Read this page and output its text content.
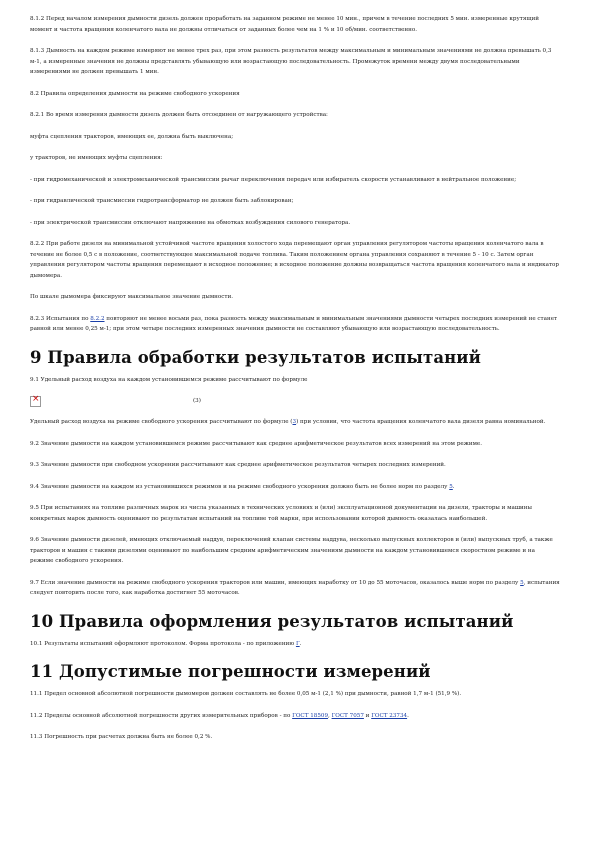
8.1.2 Перед началом измерения дымности дизель должен проработать на заданном режиме не менее 10 мин., причем в течение последних 5 мин. измеренные крутящий момент и частота вращения коленчатого вала не должны отличаться от заданных более чем на 1 % и 10 об/мин. соответственно.

8.1.3 Дымность на каждом режиме измеряют не менее трех раз, при этом разность результатов между максимальным и минимальным значениями не должна превышать 0,3 м-1, а измеренные значения не должны представлять убывающую или возрастающую последовательность. Промежуток времени между двумя последовательными измерениями не должен превышать 1 мин.

8.2 Правила определения дымности на режиме свободного ускорения

8.2.1 Во время измерения дымности дизель должен быть отсоединен от нагружающего устройства:

муфта сцепления тракторов, имеющих ее, должна быть выключена;

у тракторов, не имеющих муфты сцепления:

- при гидромеханической и электромеханической трансмиссии рычаг переключения передач или избиратель скорости устанавливают в нейтральное положение;

- при гидравлической трансмиссии гидротрансформатор не должен быть заблокирован;

- при электрической трансмиссии отключают напряжение на обмотках возбуждения силового генератора.

8.2.2 При работе дизеля на минимальной устойчивой частоте вращения холостого хода перемещают орган управления регулятором частоты вращения коленчатого вала в течение не более 0,5 с в положение, соответствующее максимальной подаче топлива. Таким положением органа управления сохраняют в течение 5 - 10 с. Затем орган управления регулятором частоты вращения перемещают в исходное положение; в исходное положение должны возвращаться частота вращения коленчатого вала и индикатор дымомера.

По шкале дымомера фиксируют максимальное значение дымности.

8.2.3 Испытания по 8.2.2 повторяют не менее восьми раз, пока разность между максимальным и минимальным значениями дымности четырех последних измерений не станет равной или менее 0,25 м-1; при этом четыре последних измеренных значения дымности не составляют убывающую или возрастающую последовательность.

9 Правила обработки результатов испытаний

9.1 Удельный расход воздуха на каждом установившемся режиме рассчитывают по формуле

×
(3)

Удельный расход воздуха на режиме свободного ускорения рассчитывают по формуле (3) при условии, что частота вращения коленчатого вала дизеля равна номинальной.

9.2 Значение дымности на каждом установившемся режиме рассчитывают как среднее арифметическое результатов всех измерений на этом режиме.

9.3 Значение дымности при свободном ускорении рассчитывают как среднее арифметическое результатов четырех последних измерений.

9.4 Значение дымности на каждом из установившихся режимов и на режиме свободного ускорения должно быть не более норм по разделу 5.

9.5 При испытаниях на топливе различных марок из числа указанных в технических условиях и (или) эксплуатационной документации на дизели, тракторы и машины конкретных марок дымность оценивают по результатам испытаний на топливе той марки, при использовании которой дымность оказалась наибольшей.

9.6 Значение дымности дизелей, имеющих отключаемый наддув, переключений клапан системы наддува, несколько выпускных коллекторов и (или) выпускных труб, а также тракторов и машин с такими дизелями оценивают по наибольшим средним арифметическим значениям дымности на каждом установившемся скоростном режиме и на режиме свободного ускорения.

9.7 Если значение дымности на режиме свободного ускорения тракторов или машин, имеющих наработку от 10 до 55 моточасов, оказалось выше норм по разделу 5, испытания следует повторить после того, как наработка достигнет 55 моточасов.

10 Правила оформления результатов испытаний

10.1 Результаты испытаний оформляют протоколом. Форма протокола - по приложению Г.

11 Допустимые погрешности измерений

11.1 Предел основной абсолютной погрешности дымомеров должен составлять не более 0,05 м-1 (2,1 %) при дымности, равной 1,7 м-1 (51,9 %).

11.2 Пределы основной абсолютной погрешности других измерительных приборов - по ГОСТ 18509, ГОСТ 7057 и ГОСТ 23734.

11.3 Погрешность при расчетах должна быть не более 0,2 %.
